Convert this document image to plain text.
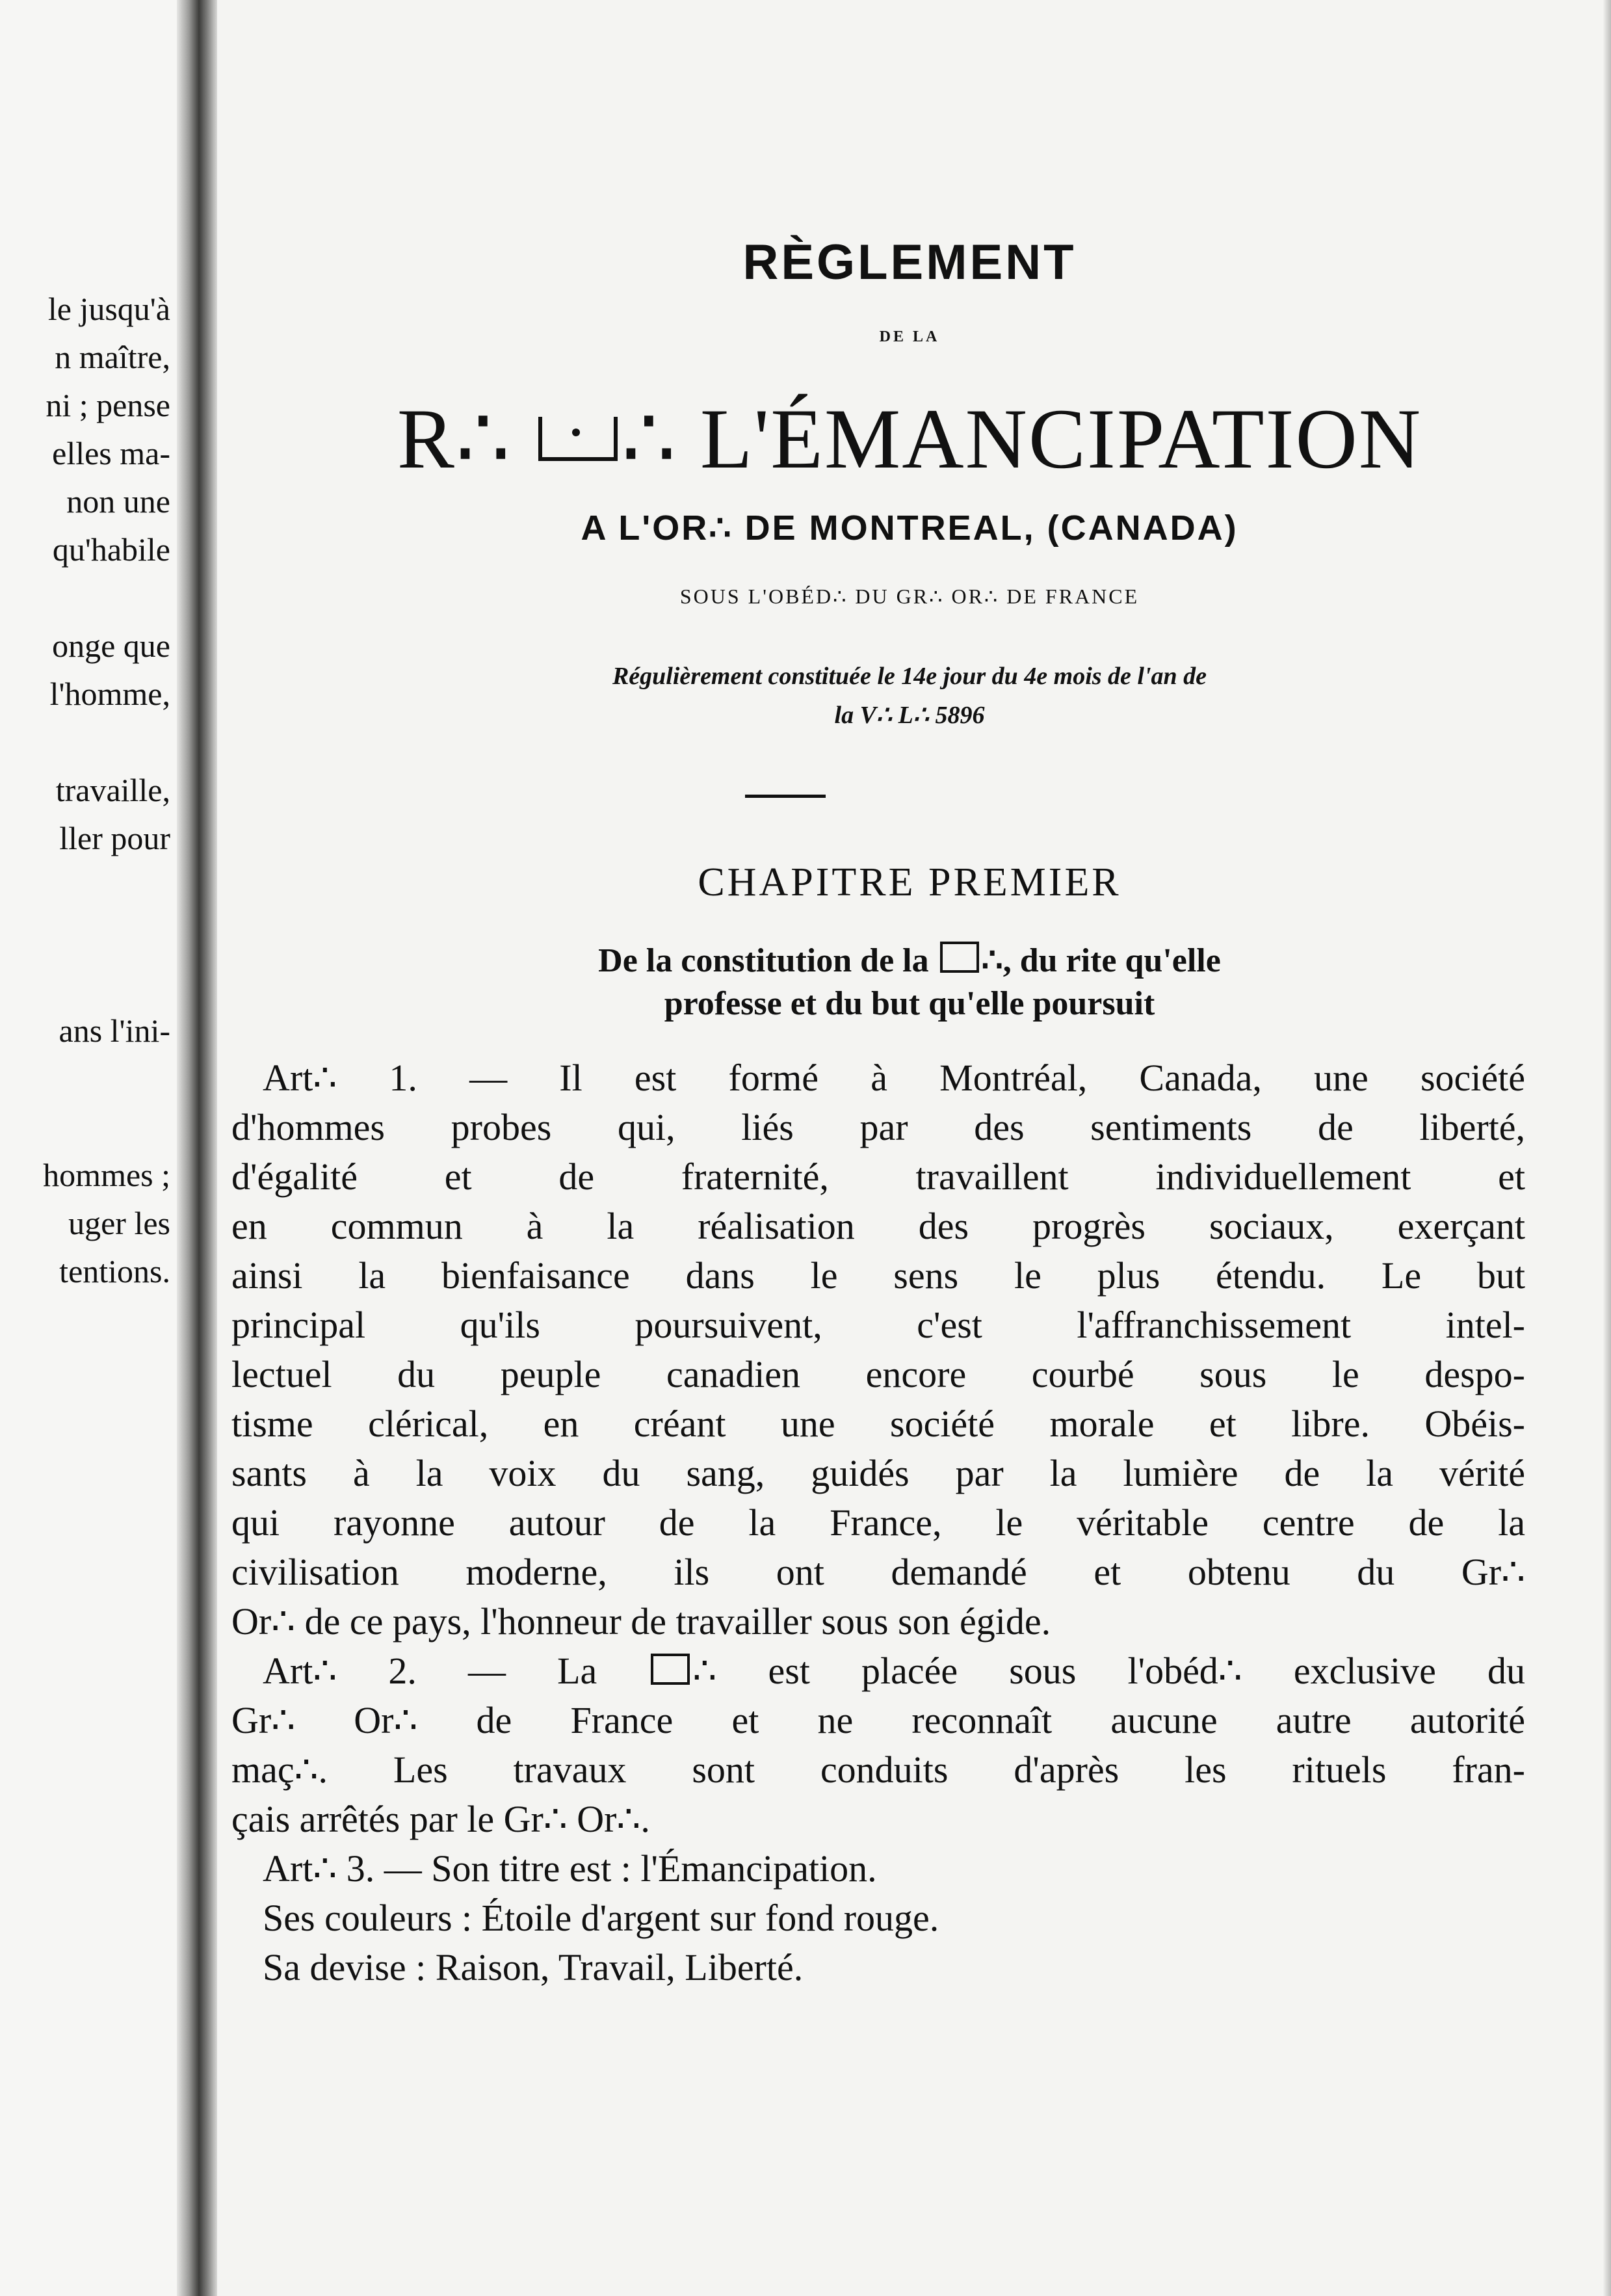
le jusqu'à
n maître,
ni ; pense
elles ma-
non une
qu'habile
onge que
l'homme,
travaille,
ller pour
ans l'ini-
hommes ;
uger les
tentions.
RÈGLEMENT
DE LA
R∴ ∴ L'ÉMANCIPATION
A L'OR∴ DE MONTREAL, (CANADA)
SOUS L'OBÉD∴ DU GR∴ OR∴ DE FRANCE
Régulièrement constituée le 14e jour du 4e mois de l'an de
la V∴ L∴ 5896
CHAPITRE PREMIER
De la constitution de la ∴, du rite qu'elle
professe et du but qu'elle poursuit
Art∴ 1. — Il est formé à Montréal, Canada, une société
d'hommes probes qui, liés par des sentiments de liberté,
d'égalité et de fraternité, travaillent individuellement et
en commun à la réalisation des progrès sociaux, exerçant
ainsi la bienfaisance dans le sens le plus étendu. Le but
principal qu'ils poursuivent, c'est l'affranchissement intel-
lectuel du peuple canadien encore courbé sous le despo-
tisme clérical, en créant une société morale et libre. Obéis-
sants à la voix du sang, guidés par la lumière de la vérité
qui rayonne autour de la France, le véritable centre de la
civilisation moderne, ils ont demandé et obtenu du Gr∴
Or∴ de ce pays, l'honneur de travailler sous son égide.
Art∴ 2. — La	∴ est placée sous l'obéd∴ exclusive du
Gr∴ Or∴ de France et ne reconnaît aucune autre autorité
maç∴. Les travaux sont conduits d'après les rituels fran-
çais arrêtés par le Gr∴ Or∴.
Art∴ 3. — Son titre est : l'Émancipation.
Ses couleurs : Étoile d'argent sur fond rouge.
Sa devise : Raison, Travail, Liberté.
